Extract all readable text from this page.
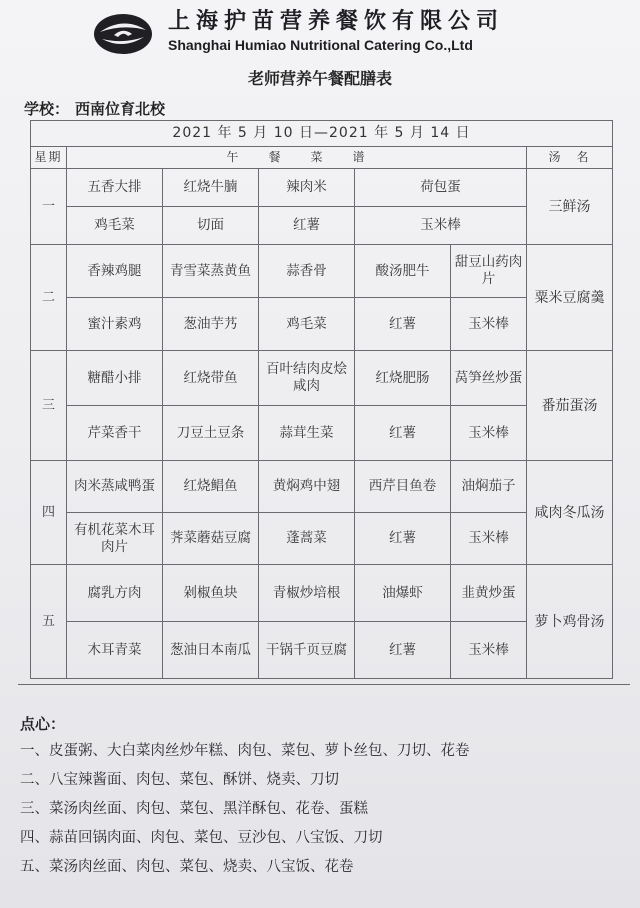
上海护苗营养餐饮有限公司
Shanghai Humiao Nutritional Catering Co.,Ltd
老师营养午餐配膳表
学校： 西南位育北校
2021 年 5 月 10 日—2021 年 5 月 14 日						
星期	午　　餐　　菜　　谱					汤　名
一	五香大排	红烧牛腩	辣肉米	荷包蛋		三鲜汤
	鸡毛菜	切面	红薯	玉米棒		
二	香辣鸡腿	青雪菜蒸黄鱼	蒜香骨	酸汤肥牛	甜豆山药肉片	粟米豆腐羹
	蜜汁素鸡	葱油芋艿	鸡毛菜	红薯	玉米棒	
三	糖醋小排	红烧带鱼	百叶结肉皮烩咸肉	红烧肥肠	莴笋丝炒蛋	番茄蛋汤
	芹菜香干	刀豆土豆条	蒜茸生菜	红薯	玉米棒	
四	肉米蒸咸鸭蛋	红烧鲳鱼	黄焖鸡中翅	西芹目鱼卷	油焖茄子	咸肉冬瓜汤
	有机花菜木耳肉片	荠菜蘑菇豆腐	蓬蒿菜	红薯	玉米棒	
五	腐乳方肉	剁椒鱼块	青椒炒培根	油爆虾	韭黄炒蛋	萝卜鸡骨汤
	木耳青菜	葱油日本南瓜	干锅千页豆腐	红薯	玉米棒	
点心：
一、皮蛋粥、大白菜肉丝炒年糕、肉包、菜包、萝卜丝包、刀切、花卷
二、八宝辣酱面、肉包、菜包、酥饼、烧卖、刀切
三、菜汤肉丝面、肉包、菜包、黑洋酥包、花卷、蛋糕
四、蒜苗回锅肉面、肉包、菜包、豆沙包、八宝饭、刀切
五、菜汤肉丝面、肉包、菜包、烧卖、八宝饭、花卷
